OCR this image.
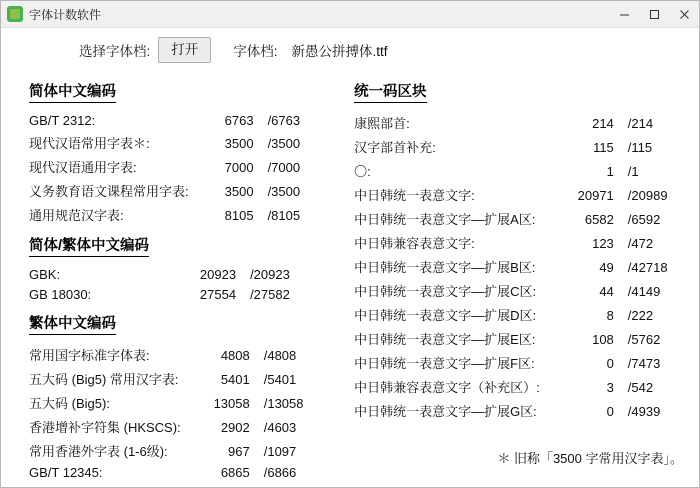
字体计数软件
选择字体档:	打开	字体档: 新愚公拼搏体.ttf
简体中文编码
GB/T 2312:	6763	/6763
现代汉语常用字表＊:	3500	/3500
现代汉语通用字表:	7000	/7000
义务教育语文课程常用字表:	3500	/3500
通用规范汉字表:	8105	/8105
简体/繁体中文编码
GBK:	20923	/20923
GB 18030:	27554	/27582
繁体中文编码
常用国字标准字体表:	4808	/4808
五大码 (Big5) 常用汉字表:	5401	/5401
五大码 (Big5):	13058	/13058
香港增补字符集 (HKSCS):	2902	/4603
常用香港外字表 (1-6级):	967	/1097
GB/T 12345:	6865	/6866
统一码区块
康熙部首:	214	/214
汉字部首补充:	115	/115
〇:	1	/1
中日韩统一表意文字:	20971	/20989
中日韩统一表意文字—扩展A区:	6582	/6592
中日韩兼容表意文字:	123	/472
中日韩统一表意文字—扩展B区:	49	/42718
中日韩统一表意文字—扩展C区:	44	/4149
中日韩统一表意文字—扩展D区:	8	/222
中日韩统一表意文字—扩展E区:	108	/5762
中日韩统一表意文字—扩展F区:	0	/7473
中日韩兼容表意文字（补充区）:	3	/542
中日韩统一表意文字—扩展G区:	0	/4939
＊ 旧称「3500 字常用汉字表」。
